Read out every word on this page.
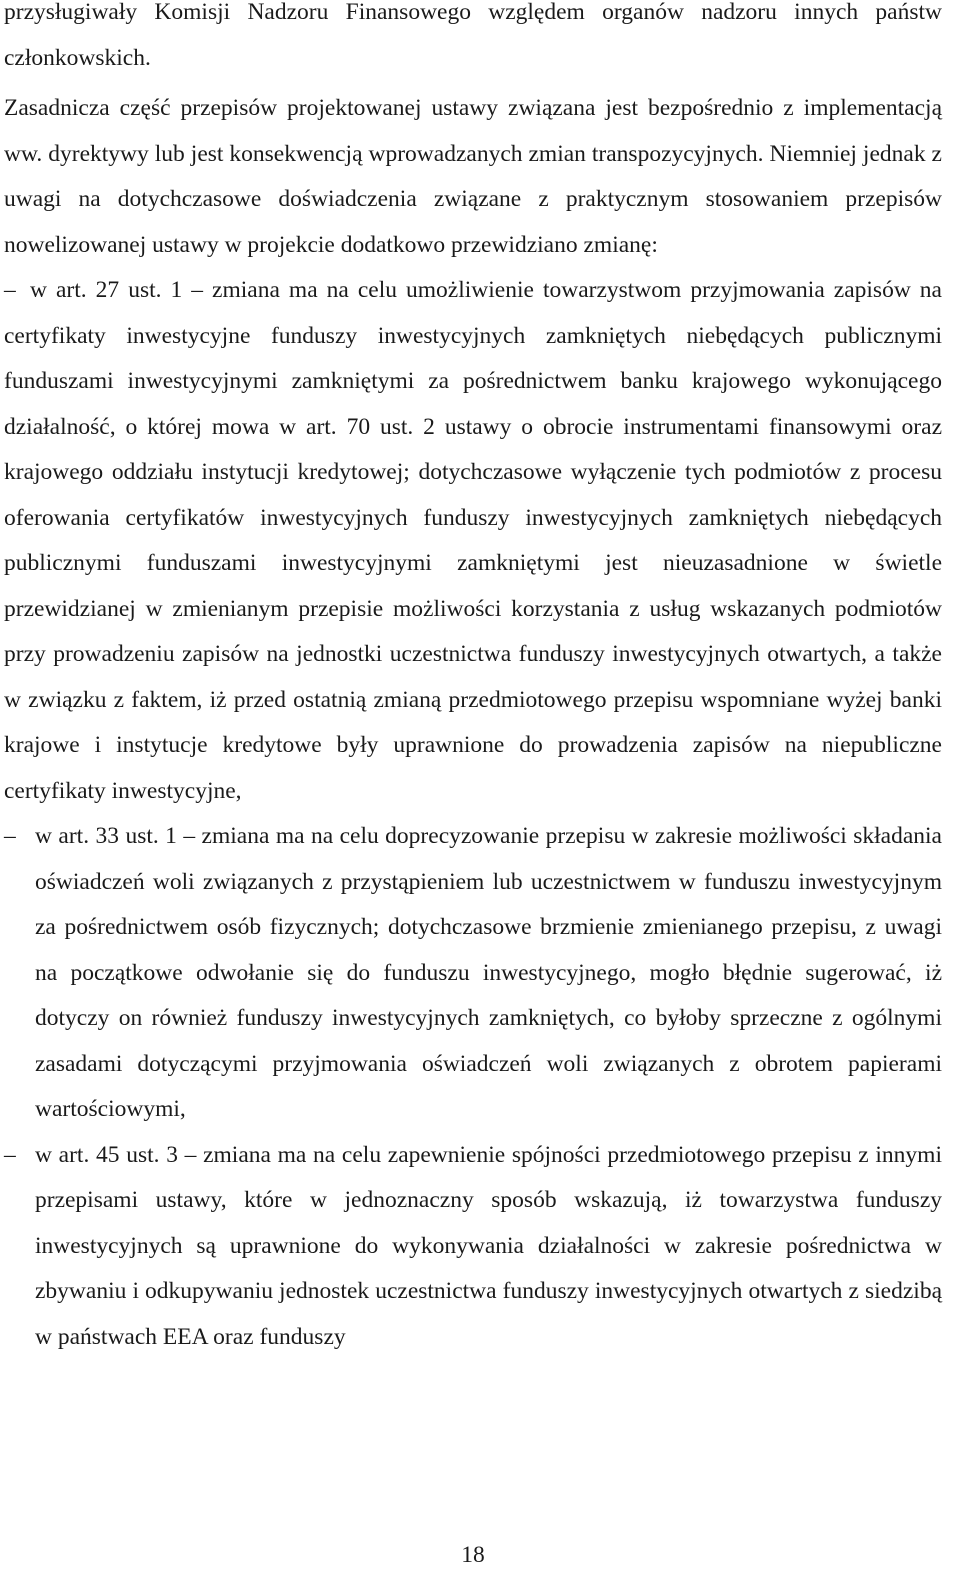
przysługiwały Komisji Nadzoru Finansowego względem organów nadzoru innych państw członkowskich.

Zasadnicza część przepisów projektowanej ustawy związana jest bezpośrednio z implementacją ww. dyrektywy lub jest konsekwencją wprowadzanych zmian transpozycyjnych. Niemniej jednak z uwagi na dotychczasowe doświadczenia związane z praktycznym stosowaniem przepisów nowelizowanej ustawy w projekcie dodatkowo przewidziano zmianę:

– w art. 27 ust. 1 – zmiana ma na celu umożliwienie towarzystwom przyjmowania zapisów na certyfikaty inwestycyjne funduszy inwestycyjnych zamkniętych niebędących publicznymi funduszami inwestycyjnymi zamkniętymi za pośrednictwem banku krajowego wykonującego działalność, o której mowa w art. 70 ust. 2 ustawy o obrocie instrumentami finansowymi oraz krajowego oddziału instytucji kredytowej; dotychczasowe wyłączenie tych podmiotów z procesu oferowania certyfikatów inwestycyjnych funduszy inwestycyjnych zamkniętych niebędących publicznymi funduszami inwestycyjnymi zamkniętymi jest nieuzasadnione w świetle przewidzianej w zmienianym przepisie możliwości korzystania z usług wskazanych podmiotów przy prowadzeniu zapisów na jednostki uczestnictwa funduszy inwestycyjnych otwartych, a także w związku z faktem, iż przed ostatnią zmianą przedmiotowego przepisu wspomniane wyżej banki krajowe i instytucje kredytowe były uprawnione do prowadzenia zapisów na niepubliczne certyfikaty inwestycyjne,

– w art. 33 ust. 1 – zmiana ma na celu doprecyzowanie przepisu w zakresie możliwości składania oświadczeń woli związanych z przystąpieniem lub uczestnictwem w funduszu inwestycyjnym za pośrednictwem osób fizycznych; dotychczasowe brzmienie zmienianego przepisu, z uwagi na początkowe odwołanie się do funduszu inwestycyjnego, mogło błędnie sugerować, iż dotyczy on również funduszy inwestycyjnych zamkniętych, co byłoby sprzeczne z ogólnymi zasadami dotyczącymi przyjmowania oświadczeń woli związanych z obrotem papierami wartościowymi,
– w art. 45 ust. 3 – zmiana ma na celu zapewnienie spójności przedmiotowego przepisu z innymi przepisami ustawy, które w jednoznaczny sposób wskazują, iż towarzystwa funduszy inwestycyjnych są uprawnione do wykonywania działalności w zakresie pośrednictwa w zbywaniu i odkupywaniu jednostek uczestnictwa funduszy inwestycyjnych otwartych z siedzibą w państwach EEA oraz funduszy
18
